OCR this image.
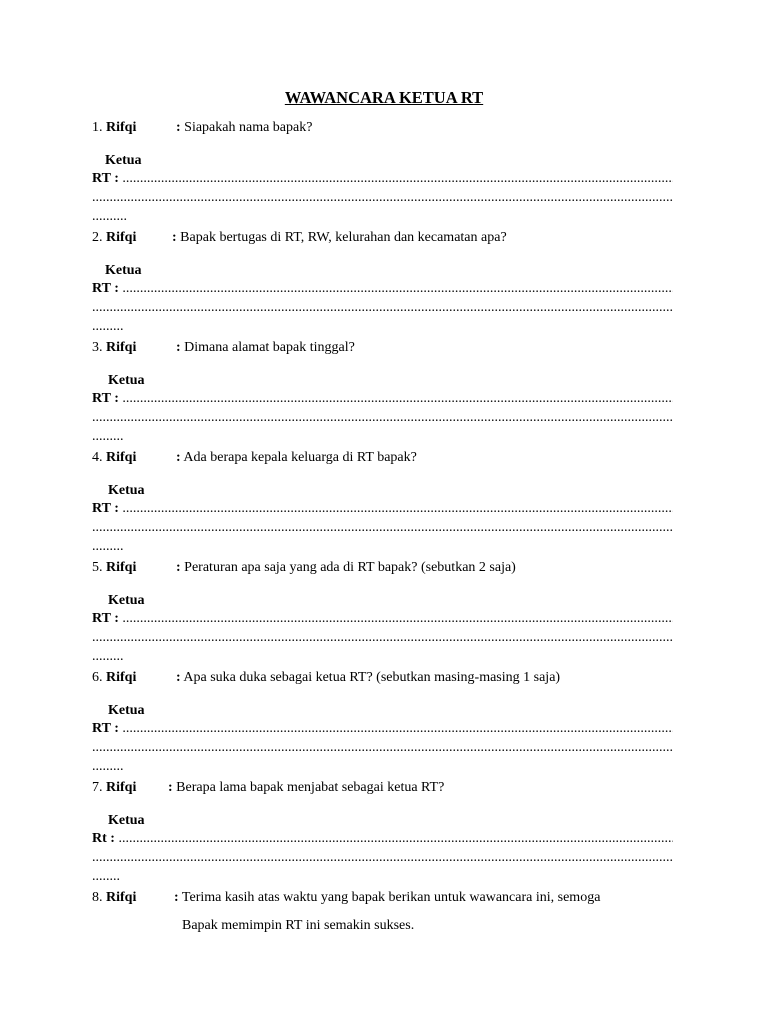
WAWANCARA KETUA RT
1. Rifqi	: Siapakah nama bapak?
Ketua
RT :

.....
.....
..........
2. Rifqi	: Bapak bertugas di RT, RW, kelurahan dan kecamatan apa?
Ketua
RT :

.....
.....
.........
3. Rifqi	: Dimana alamat bapak tinggal?
Ketua
RT :

.....
.....
.........
4. Rifqi	: Ada berapa kepala keluarga di RT bapak?
Ketua
RT :

.....
.....
.........
5. Rifqi	: Peraturan apa saja yang ada di RT bapak? (sebutkan 2 saja)
Ketua
RT :

.....
.....
.........
6. Rifqi	: Apa suka duka sebagai ketua RT? (sebutkan masing-masing 1 saja)
Ketua
RT :

.....
.....
.........
7. Rifqi : Berapa lama bapak menjabat sebagai ketua RT?
Ketua
Rt :

.....
.....
........
8. Rifqi	: Terima kasih atas waktu yang bapak berikan untuk wawancara ini, semoga
Bapak memimpin RT ini semakin sukses.
